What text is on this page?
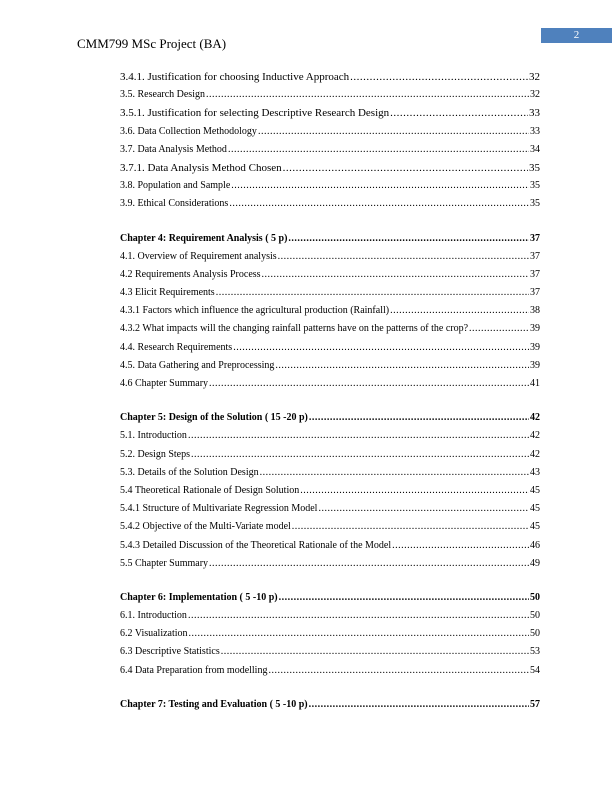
CMM799 MSc Project (BA)
2
3.4.1. Justification for choosing Inductive Approach .....	32
3.5. Research Design .....	32
3.5.1. Justification for selecting Descriptive Research Design .....	33
3.6. Data Collection Methodology .....	33
3.7. Data Analysis Method .....	34
3.7.1. Data Analysis Method Chosen .....	35
3.8. Population and Sample .....	35
3.9. Ethical Considerations .....	35
Chapter 4: Requirement Analysis ( 5 p) .....	37
4.1. Overview of Requirement analysis .....	37
4.2 Requirements Analysis Process .....	37
4.3 Elicit Requirements .....	37
4.3.1 Factors which influence the agricultural production (Rainfall) .....	38
4.3.2 What impacts will the changing rainfall patterns have on the patterns of the crop? .....	39
4.4. Research Requirements .....	39
4.5. Data Gathering and Preprocessing .....	39
4.6 Chapter Summary .....	41
Chapter 5: Design of the Solution ( 15 -20 p) .....	42
5.1. Introduction .....	42
5.2. Design Steps .....	42
5.3. Details of the Solution Design .....	43
5.4 Theoretical Rationale of Design Solution .....	45
5.4.1 Structure of Multivariate Regression Model .....	45
5.4.2 Objective of the Multi-Variate model .....	45
5.4.3 Detailed Discussion of the Theoretical Rationale of the Model .....	46
5.5 Chapter Summary .....	49
Chapter 6: Implementation ( 5 -10 p) .....	50
6.1. Introduction .....	50
6.2 Visualization .....	50
6.3 Descriptive Statistics .....	53
6.4 Data Preparation from modelling .....	54
Chapter 7: Testing and Evaluation ( 5 -10 p) .....	57
